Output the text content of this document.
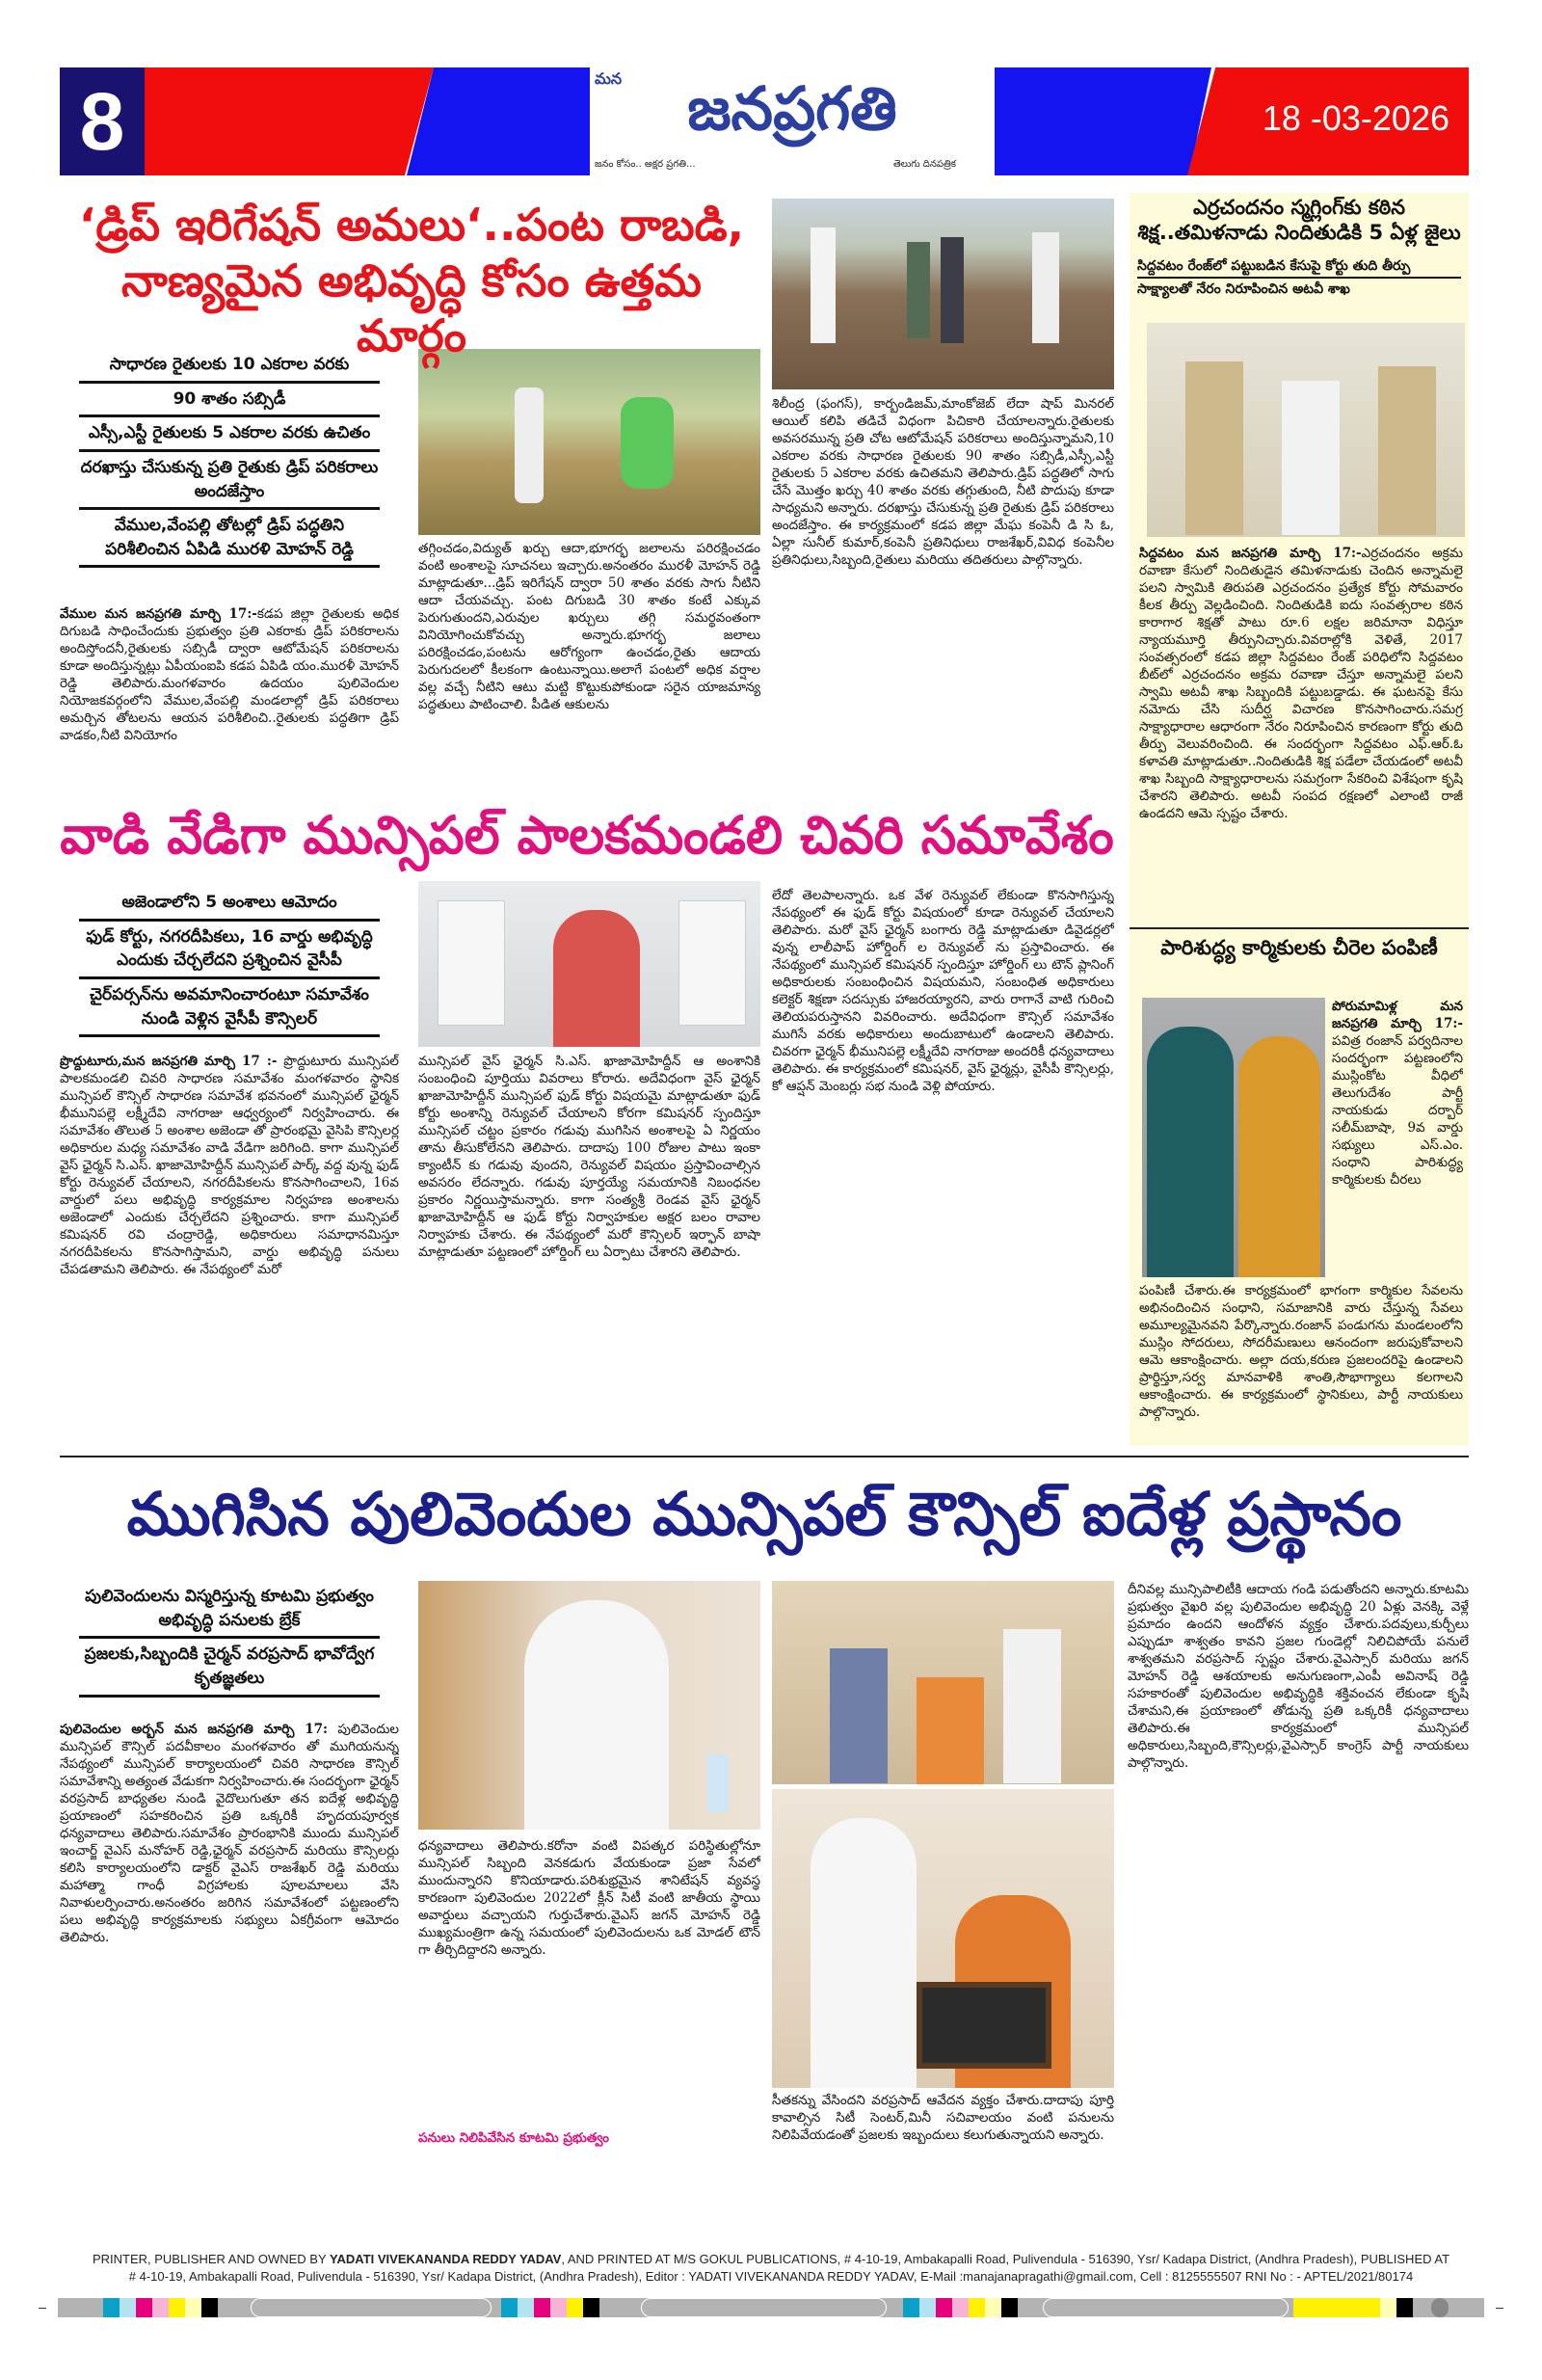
8	మన	జనప్రగతి
జనం కోసం.. అక్షర ప్రగతి...	తెలుగు దినపత్రిక
18 -03-2026
‘డ్రిప్ ఇరిగేషన్ అమలు‘..పంట రాబడి, నాణ్యమైన అభివృద్ధి కోసం ఉత్తమ మార్గం
సాధారణ రైతులకు 10 ఎకరాల వరకు
90 శాతం సబ్సిడీ
ఎస్సీ,ఎస్టీ రైతులకు 5 ఎకరాల వరకు ఉచితం
దరఖాస్తు చేసుకున్న ప్రతి రైతుకు డ్రిప్ పరికరాలు అందజేస్తాం
వేముల,వేంపల్లి తోటల్లో డ్రిప్ పద్ధతిని పరిశీలించిన ఏపిడి మురళి మోహన్ రెడ్డి
వేముల మన జనప్రగతి మార్చి 17:-కడప జిల్లా రైతులకు అధిక దిగుబడి సాధించేందుకు ప్రభుత్వం ప్రతి ఎకరాకు డ్రిప్ పరికరాలను అందిస్తోందనీ,రైతులకు సబ్సిడీ ద్వారా ఆటోమేషన్ పరికరాలను కూడా అందిస్తున్నట్లు ఏపీయంఐపి కడప ఏపిడి యం.మురళీ మోహన్ రెడ్డి తెలిపారు.మంగళవారం ఉదయం పులివెందుల నియోజకవర్గంలోని వేముల,వేంపల్లి మండలాల్లో డ్రిప్ పరికరాలు అమర్చిన తోటలను ఆయన పరిశీలించి..రైతులకు పద్ధతిగా డ్రిప్ వాడకం,నీటి వినియోగం
తగ్గించడం,విద్యుత్ ఖర్చు ఆదా,భూగర్భ జలాలను పరిరక్షించడం వంటి అంశాలపై సూచనలు ఇచ్చారు.అనంతరం మురళీ మోహన్ రెడ్డి మాట్లాడుతూ...డ్రిప్ ఇరిగేషన్ ద్వారా 50 శాతం వరకు సాగు నీటిని ఆదా చేయవచ్చు. పంట దిగుబడి 30 శాతం కంటే ఎక్కువ పెరుగుతుందని,ఎరువుల ఖర్చులు తగ్గి సమర్థవంతంగా వినియోగించుకోవచ్చు అన్నారు.భూగర్భ జలాలు పరిరక్షించడం,పంటను ఆరోగ్యంగా ఉంచడం,రైతు ఆదాయ పెరుగుదలలో కీలకంగా ఉంటున్నాయి.అలాగే పంటలో అధిక వర్షాల వల్ల వచ్చే నీటిని ఆటు మట్టి కొట్టుకుపోకుండా సరైన యాజమాన్య పద్ధతులు పాటించాలి. పీడిత ఆకులను
శిలీంద్ర (ఫంగస్), కార్బండిజమ్,మాంకోజెబ్ లేదా షాప్ మినరల్ ఆయిల్ కలిపి తడిచే విధంగా పిచికారి చేయాలన్నారు.రైతులకు అవసరమున్న ప్రతి చోట ఆటోమేషన్ పరికరాలు అందిస్తున్నామని,10 ఎకరాల వరకు సాధారణ రైతులకు 90 శాతం సబ్సిడీ,ఎస్సీ,ఎస్టీ రైతులకు 5 ఎకరాల వరకు ఉచితమని తెలిపారు.డ్రిప్ పద్ధతిలో సాగు చేసే మొత్తం ఖర్చు 40 శాతం వరకు తగ్గుతుంది, నీటి పొదుపు కూడా సాధ్యమని అన్నారు. దరఖాస్తు చేసుకున్న ప్రతి రైతుకు డ్రిప్ పరికరాలు అందజేస్తాం. ఈ కార్యక్రమంలో కడప జిల్లా మేఘ కంపెనీ డి సి ఓ, ఏల్లా సునీల్ కుమార్,కంపెనీ ప్రతినిధులు రాజశేఖర్,వివిధ కంపెనీల ప్రతినిధులు,సిబ్బంది,రైతులు మరియు తదితరులు పాల్గొన్నారు.
ఎర్రచందనం స్మగ్లింగ్‌కు కఠిన శిక్ష..తమిళనాడు నిందితుడికి 5 ఏళ్ల జైలు
సిద్దవటం రేంజ్‌లో పట్టుబడిన కేసుపై కోర్టు తుది తీర్పు
సాక్ష్యాలతో నేరం నిరూపించిన అటవీ శాఖ
సిద్దవటం మన జనప్రగతి మార్చి 17:-ఎర్రచందనం అక్రమ రవాణా కేసులో నిందితుడైన తమిళనాడుకు చెందిన అన్నామలై పలని స్వామికి తిరుపతి ఎర్రచందనం ప్రత్యేక కోర్టు సోమవారం కీలక తీర్పు వెల్లడించింది. నిందితుడికి ఐదు సంవత్సరాల కఠిన కారాగార శిక్షతో పాటు రూ.6 లక్షల జరిమానా విధిస్తూ న్యాయమూర్తి తీర్పునిచ్చారు.వివరాల్లోకి వెళితే, 2017 సంవత్సరంలో కడప జిల్లా సిద్దవటం రేంజ్ పరిధిలోని సిద్దవటం బీట్‌లో ఎర్రచందనం అక్రమ రవాణా చేస్తూ అన్నామలై పలని స్వామి అటవీ శాఖ సిబ్బందికి పట్టుబడ్డాడు. ఈ ఘటనపై కేసు నమోదు చేసి సుదీర్ఘ విచారణ కొనసాగించారు.సమగ్ర సాక్ష్యాధారాల ఆధారంగా నేరం నిరూపించిన కారణంగా కోర్టు తుది తీర్పు వెలువరించింది. ఈ సందర్భంగా సిద్దవటం ఎఫ్.ఆర్.ఓ కళావతి మాట్లాడుతూ..నిందితుడికి శిక్ష పడేలా చేయడంలో అటవీ శాఖ సిబ్బంది సాక్ష్యాధారాలను సమగ్రంగా సేకరించి విశేషంగా కృషి చేశారని తెలిపారు. అటవీ సంపద రక్షణలో ఎలాంటి రాజీ ఉండదని ఆమె స్పష్టం చేశారు.
పారిశుద్ధ్య కార్మికులకు చీరెల పంపిణీ
పోరుమామిళ్ల మన జనప్రగతి మార్చి 17:-పవిత్ర రంజాన్ పర్వదినాల సందర్భంగా పట్టణంలోని ముస్లింకోట వీధిలో తెలుగుదేశం పార్టీ నాయకుడు దర్బార్ సలీమ్‌బాషా, 9వ వార్డు సభ్యులు ఎస్.ఎం. సంధాని పారిశుద్ధ్య కార్మికులకు చీరలు
పంపిణీ చేశారు.ఈ కార్యక్రమంలో భాగంగా కార్మికుల సేవలను అభినందించిన సంధాని, సమాజానికి వారు చేస్తున్న సేవలు అమూల్యమైనవని పేర్కొన్నారు.రంజాన్ పండుగను మండలంలోని ముస్లిం సోదరులు, సోదరీమణులు ఆనందంగా జరుపుకోవాలని ఆమె ఆకాంక్షించారు. అల్లా దయ,కరుణ ప్రజలందరిపై ఉండాలని ప్రార్థిస్తూ,సర్వ మానవాళికి శాంతి,సౌభాగ్యాలు కలగాలని ఆకాంక్షించారు. ఈ కార్యక్రమంలో స్థానికులు, పార్టీ నాయకులు పాల్గొన్నారు.
వాడి వేడిగా మున్సిపల్ పాలకమండలి చివరి సమావేశం
అజెండాలోని 5 అంశాలు ఆమోదం
ఫుడ్ కోర్టు, నగరదీపికలు, 16 వార్డు అభివృద్ధి ఎందుకు చేర్చలేదని ప్రశ్నించిన వైసీపీ
చైర్‌పర్సన్‌ను అవమానించారంటూ సమావేశం నుండి వెళ్లిన వైసీపీ కౌన్సిలర్
ప్రొద్దుటూరు,మన జనప్రగతి మార్చి 17 :- ప్రొద్దుటూరు మున్సిపల్ పాలకమండలి చివరి సాధారణ సమావేశం మంగళవారం స్థానిక మున్సిపల్ కౌన్సిల్ సాధారణ సమావేశ భవనంలో మున్సిపల్ ఛైర్మన్ భీమునిపల్లె లక్ష్మీదేవి నాగరాజు ఆధ్వర్యంలో నిర్వహించారు. ఈ సమావేశం తొలుత 5 అంశాల అజెండా తో ప్రారంభమై వైసిపి కౌన్సిలర్ల అధికారుల మధ్య సమావేశం వాడి వేడిగా జరిగింది. కాగా మున్సిపల్ వైస్ ఛైర్మన్ సి.ఎస్. ఖాజామోహిద్దీన్ మున్సిపల్ పార్క్ వద్ద వున్న ఫుడ్ కోర్టు రెన్యువల్ చేయాలని, నగరదీపికలను కొనసాగించాలని, 16వ వార్డులో పలు అభివృద్ధి కార్యక్రమాల నిర్వహణ అంశాలను అజెండాలో ఎందుకు చేర్చలేదని ప్రశ్నించారు. కాగా మున్సిపల్ కమిషనర్ రవి చంద్రారెడ్డి, అధికారులు సమాధానమిస్తూ నగరదీపికలను కొనసాగిస్తామని, వార్డు అభివృద్ధి పనులు చేపడతామని తెలిపారు. ఈ నేపథ్యంలో మరో
మున్సిపల్ వైస్ ఛైర్మన్ సి.ఎస్. ఖాజామోహిద్దీన్ ఆ అంశానికి సంబంధించి పూర్తియు వివరాలు కోరారు. అదేవిధంగా వైస్ ఛైర్మన్ ఖాజామోహిద్దీన్ మున్సిపల్ ఫుడ్ కోర్టు విషయమై మాట్లాడుతూ ఫుడ్ కోర్టు అంశాన్ని రెన్యువల్ చేయాలని కోరగా కమిషనర్ స్పందిస్తూ మున్సిపల్ చట్టం ప్రకారం గడువు ముగిసిన అంశాలపై ఏ నిర్ణయం తాను తీసుకోలేనని తెలిపారు. దాదాపు 100 రోజుల పాటు ఇంకా క్యాంటీన్ కు గడువు వుందని, రెన్యువల్ విషయం ప్రస్తావించాల్సిన అవసరం లేదన్నారు. గడువు పూర్తయ్యే సమయానికి నిబంధనల ప్రకారం నిర్ణయిస్తామన్నారు. కాగా సంత్యశ్రీ రెండవ వైస్ ఛైర్మన్ ఖాజామోహిద్దీన్ ఆ ఫుడ్ కోర్టు నిర్వాహకుల అక్షర బలం రావాల నిర్వాహకు చేశారు. ఈ నేపథ్యంలో మరో కౌన్సిలర్ ఇర్ఫాన్ బాషా మాట్లాడుతూ పట్టణంలో హోర్డింగ్ లు ఏర్పాటు చేశారని తెలిపారు.
లేదో తెలపాలన్నారు. ఒక వేళ రెన్యువల్ లేకుండా కొనసాగిస్తున్న నేపథ్యంలో ఈ ఫుడ్ కోర్టు విషయంలో కూడా రెన్యువల్ చేయాలని తెలిపారు. మరో వైస్ ఛైర్మన్ బంగారు రెడ్డి మాట్లాడుతూ డివైడర్లలో వున్న లాలీపాప్ హోర్డింగ్ ల రెన్యువల్ ను ప్రస్తావించారు. ఈ నేపథ్యంలో మున్సిపల్ కమిషనర్ స్పందిస్తూ హోర్డింగ్ లు టౌన్ ప్లానింగ్ అధికారులకు సంబంధించిన విషయమని, సంబంధిత అధికారులు కలెక్టర్ శిక్షణా సదస్సుకు హాజరయ్యారని, వారు రాగానే వాటి గురించి తెలియపరుస్తానని వివరించారు. అదేవిధంగా కౌన్సిల్ సమావేశం ముగిసే వరకు అధికారులు అందుబాటులో ఉండాలని తెలిపారు. చివరగా ఛైర్మన్ భీమునిపల్లె లక్ష్మీదేవి నాగరాజు అందరికీ ధన్యవాదాలు తెలిపారు. ఈ కార్యక్రమంలో కమిషనర్, వైస్ ఛైర్మన్లు, వైసీపీ కౌన్సిలర్లు, కో ఆప్షన్ మెంబర్లు సభ నుండి వెళ్లి పోయారు.
ముగిసిన పులివెందుల మున్సిపల్ కౌన్సిల్ ఐదేళ్ల ప్రస్థానం
పులివెందులను విస్మరిస్తున్న కూటమి ప్రభుత్వం అభివృద్ధి పనులకు బ్రేక్
ప్రజలకు,సిబ్బందికి చైర్మన్ వరప్రసాద్ భావోద్వేగ కృతజ్ఞతలు
పులివెందుల అర్బన్ మన జనప్రగతి మార్చి 17: పులివెందుల మున్సిపల్ కౌన్సిల్ పదవీకాలం మంగళవారం తో ముగియనున్న నేపథ్యంలో మున్సిపల్ కార్యాలయంలో చివరి సాధారణ కౌన్సిల్ సమావేశాన్ని అత్యంత వేడుకగా నిర్వహించారు.ఈ సందర్భంగా ఛైర్మన్ వరప్రసాద్ బాధ్యతల నుండి వైదొలుగుతూ తన ఐదేళ్ల అభివృద్ధి ప్రయాణంలో సహకరించిన ప్రతి ఒక్కరికీ హృదయపూర్వక ధన్యవాదాలు తెలిపారు.సమావేశం ప్రారంభానికి ముందు మున్సిపల్ ఇంచార్జ్ వైఎస్ మనోహర్ రెడ్డి,ఛైర్మన్ వరప్రసాద్ మరియు కౌన్సిలర్లు కలిసి కార్యాలయంలోని డాక్టర్ వైఎస్ రాజశేఖర్ రెడ్డి మరియు మహాత్మా గాంధీ విగ్రహాలకు పూలమాలలు వేసి నివాళులర్పించారు.అనంతరం జరిగిన సమావేశంలో పట్టణంలోని పలు అభివృద్ధి కార్యక్రమాలకు సభ్యులు ఏకగ్రీవంగా ఆమోదం తెలిపారు.
ధన్యవాదాలు తెలిపారు.కరోనా వంటి విపత్కర పరిస్థితుల్లోనూ మున్సిపల్ సిబ్బంది వెనకడుగు వేయకుండా ప్రజా సేవలో ముందున్నారని కొనియాడారు.పరిశుభ్రమైన శానిటేషన్ వ్యవస్థ కారణంగా పులివెందుల 2022లో క్లీన్ సిటీ వంటి జాతీయ స్థాయి అవార్డులు వచ్చాయని గుర్తుచేశారు.వైఎస్ జగన్ మోహన్ రెడ్డి ముఖ్యమంత్రిగా ఉన్న సమయంలో పులివెందులను ఒక మోడల్ టౌన్ గా తీర్చిదిద్దారని అన్నారు.
పనులు నిలిపివేసిన కూటమి ప్రభుత్వం
సీతకన్ను వేసిందని వరప్రసాద్ ఆవేదన వ్యక్తం చేశారు.దాదాపు పూర్తి కావాల్సిన సిటీ సెంటర్,మినీ సచివాలయం వంటి పనులను నిలిపివేయడంతో ప్రజలకు ఇబ్బందులు కలుగుతున్నాయని అన్నారు.
దీనివల్ల మున్సిపాలిటీకి ఆదాయ గండి పడుతోందని అన్నారు.కూటమి ప్రభుత్వం వైఖరి వల్ల పులివెందుల అభివృద్ధి 20 ఏళ్లు వెనక్కి వెళ్లే ప్రమాదం ఉందని ఆందోళన వ్యక్తం చేశారు.పదవులు,కుర్చీలు ఎప్పుడూ శాశ్వతం కావని ప్రజల గుండెల్లో నిలిచిపోయే పనులే శాశ్వతమని వరప్రసాద్ స్పష్టం చేశారు.వైఎస్సార్ మరియు జగన్ మోహన్ రెడ్డి ఆశయాలకు అనుగుణంగా,ఎంపీ అవినాష్ రెడ్డి సహకారంతో పులివెందుల అభివృద్ధికి శక్తివంచన లేకుండా కృషి చేశామని,ఈ ప్రయాణంలో తోడున్న ప్రతి ఒక్కరికీ ధన్యవాదాలు తెలిపారు.ఈ కార్యక్రమంలో మున్సిపల్ అధికారులు,సిబ్బంది,కౌన్సిలర్లు,వైఎస్సార్ కాంగ్రెస్ పార్టీ నాయకులు పాల్గొన్నారు.
PRINTER, PUBLISHER AND OWNED BY YADATI VIVEKANANDA REDDY YADAV, AND PRINTED AT M/S GOKUL PUBLICATIONS, # 4-10-19, Ambakapalli Road, Pulivendula - 516390, Ysr/ Kadapa District, (Andhra Pradesh), PUBLISHED AT
# 4-10-19, Ambakapalli Road, Pulivendula - 516390, Ysr/ Kadapa District, (Andhra Pradesh), Editor : YADATI VIVEKANANDA REDDY YADAV, E-Mail :manajanapragathi@gmail.com, Cell : 8125555507 RNI No : - APTEL/2021/80174
